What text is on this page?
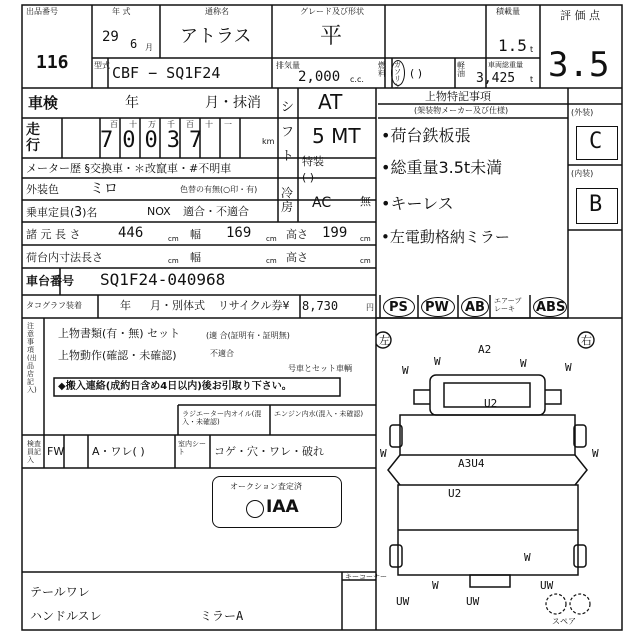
出品番号
116
年 式
29 6 月
通称名
アトラス
グレード及び形状
平
積載量
1.5 t
評 価 点
3.5
型式 CBF − SQ1F24	排気量
2,000 c.c.
燃料
ガソリン
( )
軽油
車両総重量
3,425 t
車検	年	月・抹消
走行	70037	km
百十万千百十一
メーター歴 §交換車・＊改竄車・#不明車
シフト
AT
5 MT
特装
( )
外装色 ミロ	色替の有無(○印・有)
乗車定員(3)名	NOX 適合・不適合
冷房 AC	無
諸 元 長 さ	446	cm 幅 169 cm 高さ 199 cm
荷台内寸法長さ	cm 幅	cm 高さ	cm
車台番号 SQ1F24-040968
タコグラフ装着	年 月・別体式 リサイクル券¥ 8,730	円 PS PW AB エアーブレーキ	ABS
上物特記事項
(架装物メーカー及び仕様)
•荷台鉄板張
•総重量3.5t未満
•キーレス
•左電動格納ミラー
(外装)
C
(内装)
B
注意事項(出品店記入)
上物書類(有・無) セット	(適 合(証明有・証明無)
不適合
上物動作(確認・未確認)
号車とセット車輌
◆搬入連絡(成約日含め4日以内)後お引取り下さい。
ラジエーター内オイル(混入・未確認)
エンジン内水(混入・未確認)
検査員記入
FW	A・ワレ( )
室内シート	コゲ・穴・ワレ・破れ
オークション査定済
IAA
テールワレ
ハンドルスレ	ミラーA
左	右
キーコーナー
スペア
A2
U2
A3U4
U2
W
W	W	W
W	W
W
UW	UW
W	UW
